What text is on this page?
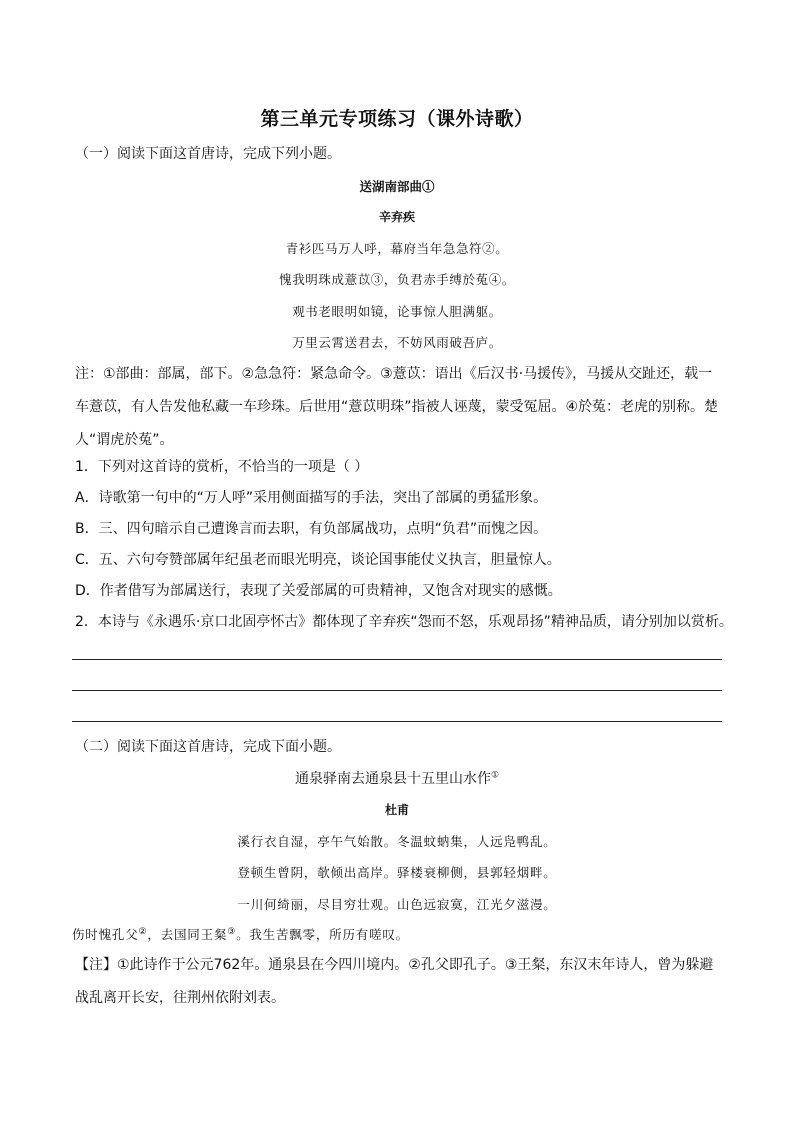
第三单元专项练习（课外诗歌）
（一）阅读下面这首唐诗，完成下列小题。
送湖南部曲①
辛弃疾
青衫匹马万人呼，幕府当年急急符②。
愧我明珠成薏苡③，负君赤手缚於菟④。
观书老眼明如镜，论事惊人胆满躯。
万里云霄送君去，不妨风雨破吾庐。
注：①部曲：部属，部下。②急急符：紧急命令。③薏苡：语出《后汉书·马援传》，马援从交趾还，载一车薏苡，有人告发他私藏一车珍珠。后世用“薏苡明珠”指被人诬蔑，蒙受冤屈。④於菟：老虎的别称。楚人“谓虎於菟”。
1．下列对这首诗的赏析，不恰当的一项是（ ）
A．诗歌第一句中的“万人呼”采用侧面描写的手法，突出了部属的勇猛形象。
B．三、四句暗示自己遭谗言而去职，有负部属战功，点明“负君”而愧之因。
C．五、六句夸赞部属年纪虽老而眼光明亮，谈论国事能仗义执言，胆量惊人。
D．作者借写为部属送行，表现了关爱部属的可贵精神，又饱含对现实的感慨。
2．本诗与《永遇乐·京口北固亭怀古》都体现了辛弃疾“怨而不怒，乐观昂扬”精神品质，请分别加以赏析。
（二）阅读下面这首唐诗，完成下面小题。
通泉驿南去通泉县十五里山水作①
杜甫
溪行衣自湿，亭午气始散。冬温蚊蚋集，人远凫鸭乱。
登顿生曾阴，欹倾出高岸。驿楼衰柳侧，县郭轻烟畔。
一川何绮丽，尽目穷壮观。山色远寂寞，江光夕滋漫。
伤时愧孔父②，去国同王粲③。我生苦飘零，所历有嗟叹。
【注】①此诗作于公元762年。通泉县在今四川境内。②孔父即孔子。③王粲，东汉末年诗人，曾为躲避战乱离开长安，往荆州依附刘表。
